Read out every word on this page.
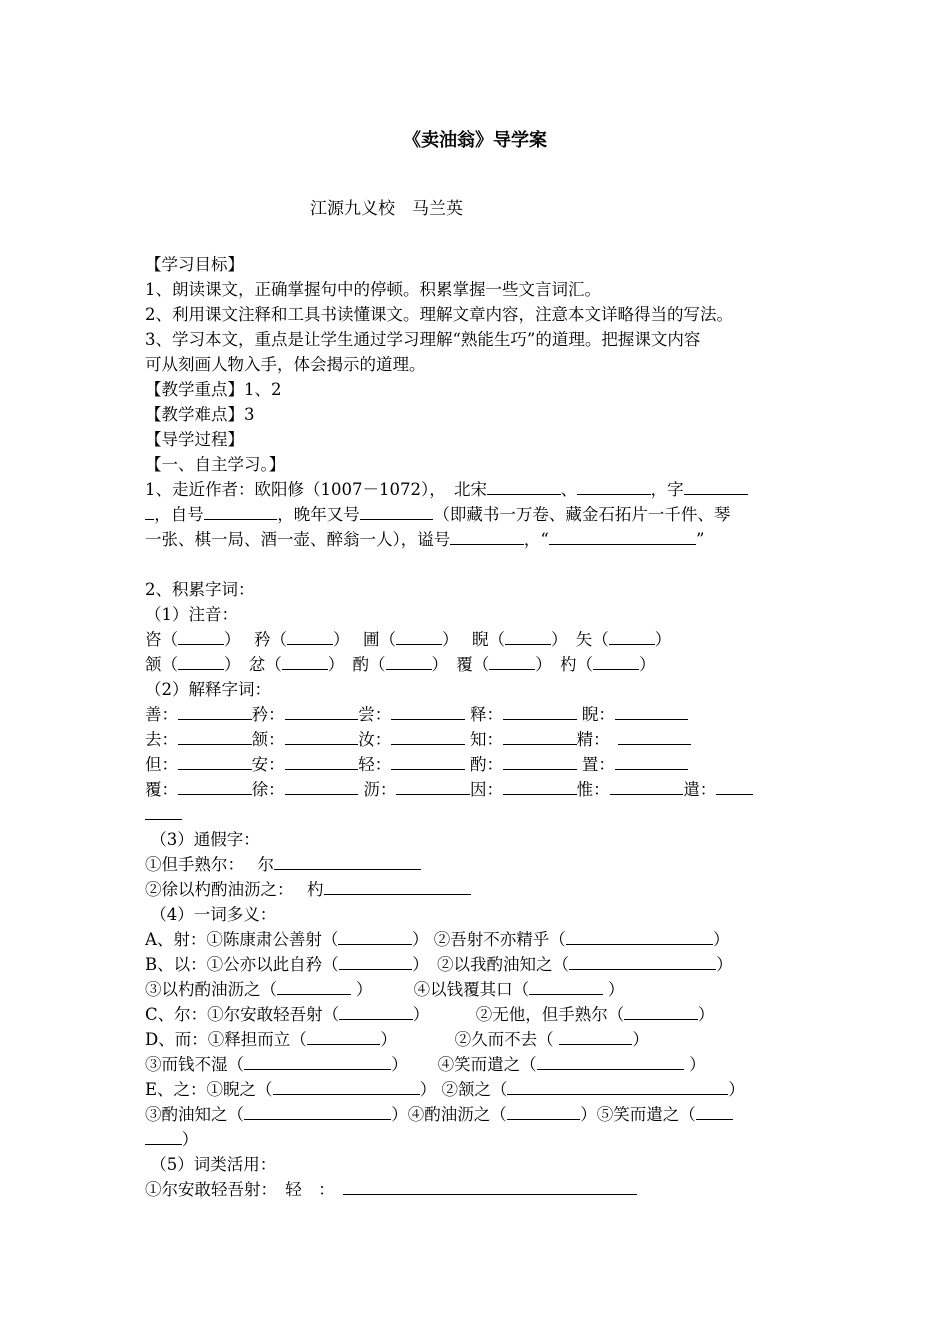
《卖油翁》导学案
江源九义校　马兰英
【学习目标】
1、朗读课文，正确掌握句中的停顿。积累掌握一些文言词汇。
2、利用课文注释和工具书读懂课文。理解文章内容，注意本文详略得当的写法。
3、学习本文，重点是让学生通过学习理解“熟能生巧”的道理。把握课文内容
可从刻画人物入手，体会揭示的道理。
【教学重点】1、2
【教学难点】3
【导学过程】
【一、自主学习。】
1、走近作者：欧阳修（1007－1072），　北宋	、	，字
，自号	，晚年又号	（即藏书一万卷、藏金石拓片一千件、琴
一张、棋一局、酒一壶、醉翁一人），谥号	，“	”

2、积累字词：
（1）注音：
咨（	）　 矜（	）　 圃（	）　 睨（	）　矢（	）
颔（	）　忿（	）　酌（	）　覆（	）　杓（	）
（2）解释字词：
善：	矜：	尝：	释：	睨：
去：	颔：	汝：	知：	精：　
但：	安：	轻：	酌：	置：
覆：	徐：	沥：	因：	惟：	遣：
（3）通假字：
①但手熟尔：　 尔
②徐以杓酌油沥之：　 杓
（4）一词多义：
A、射：①陈康肃公善射（	） ②吾射不亦精乎（	）
B、以：①公亦以此自矜（	）　②以我酌油知之（	）
③以杓酌油沥之（	）　　　④以钱覆其口（	）
C、尔：①尔安敢轻吾射（	）　　　 ②无他，但手熟尔（	）
D、而：①释担而立（	）　　　　②久而不去（	）
③而钱不湿（	）　　 ④笑而遣之（	）
E、之：①睨之（	） ②颔之（	）
③酌油知之（	）④酌油沥之（	）⑤笑而遣之（
）
（5）词类活用：
①尔安敢轻吾射：　轻　：　
